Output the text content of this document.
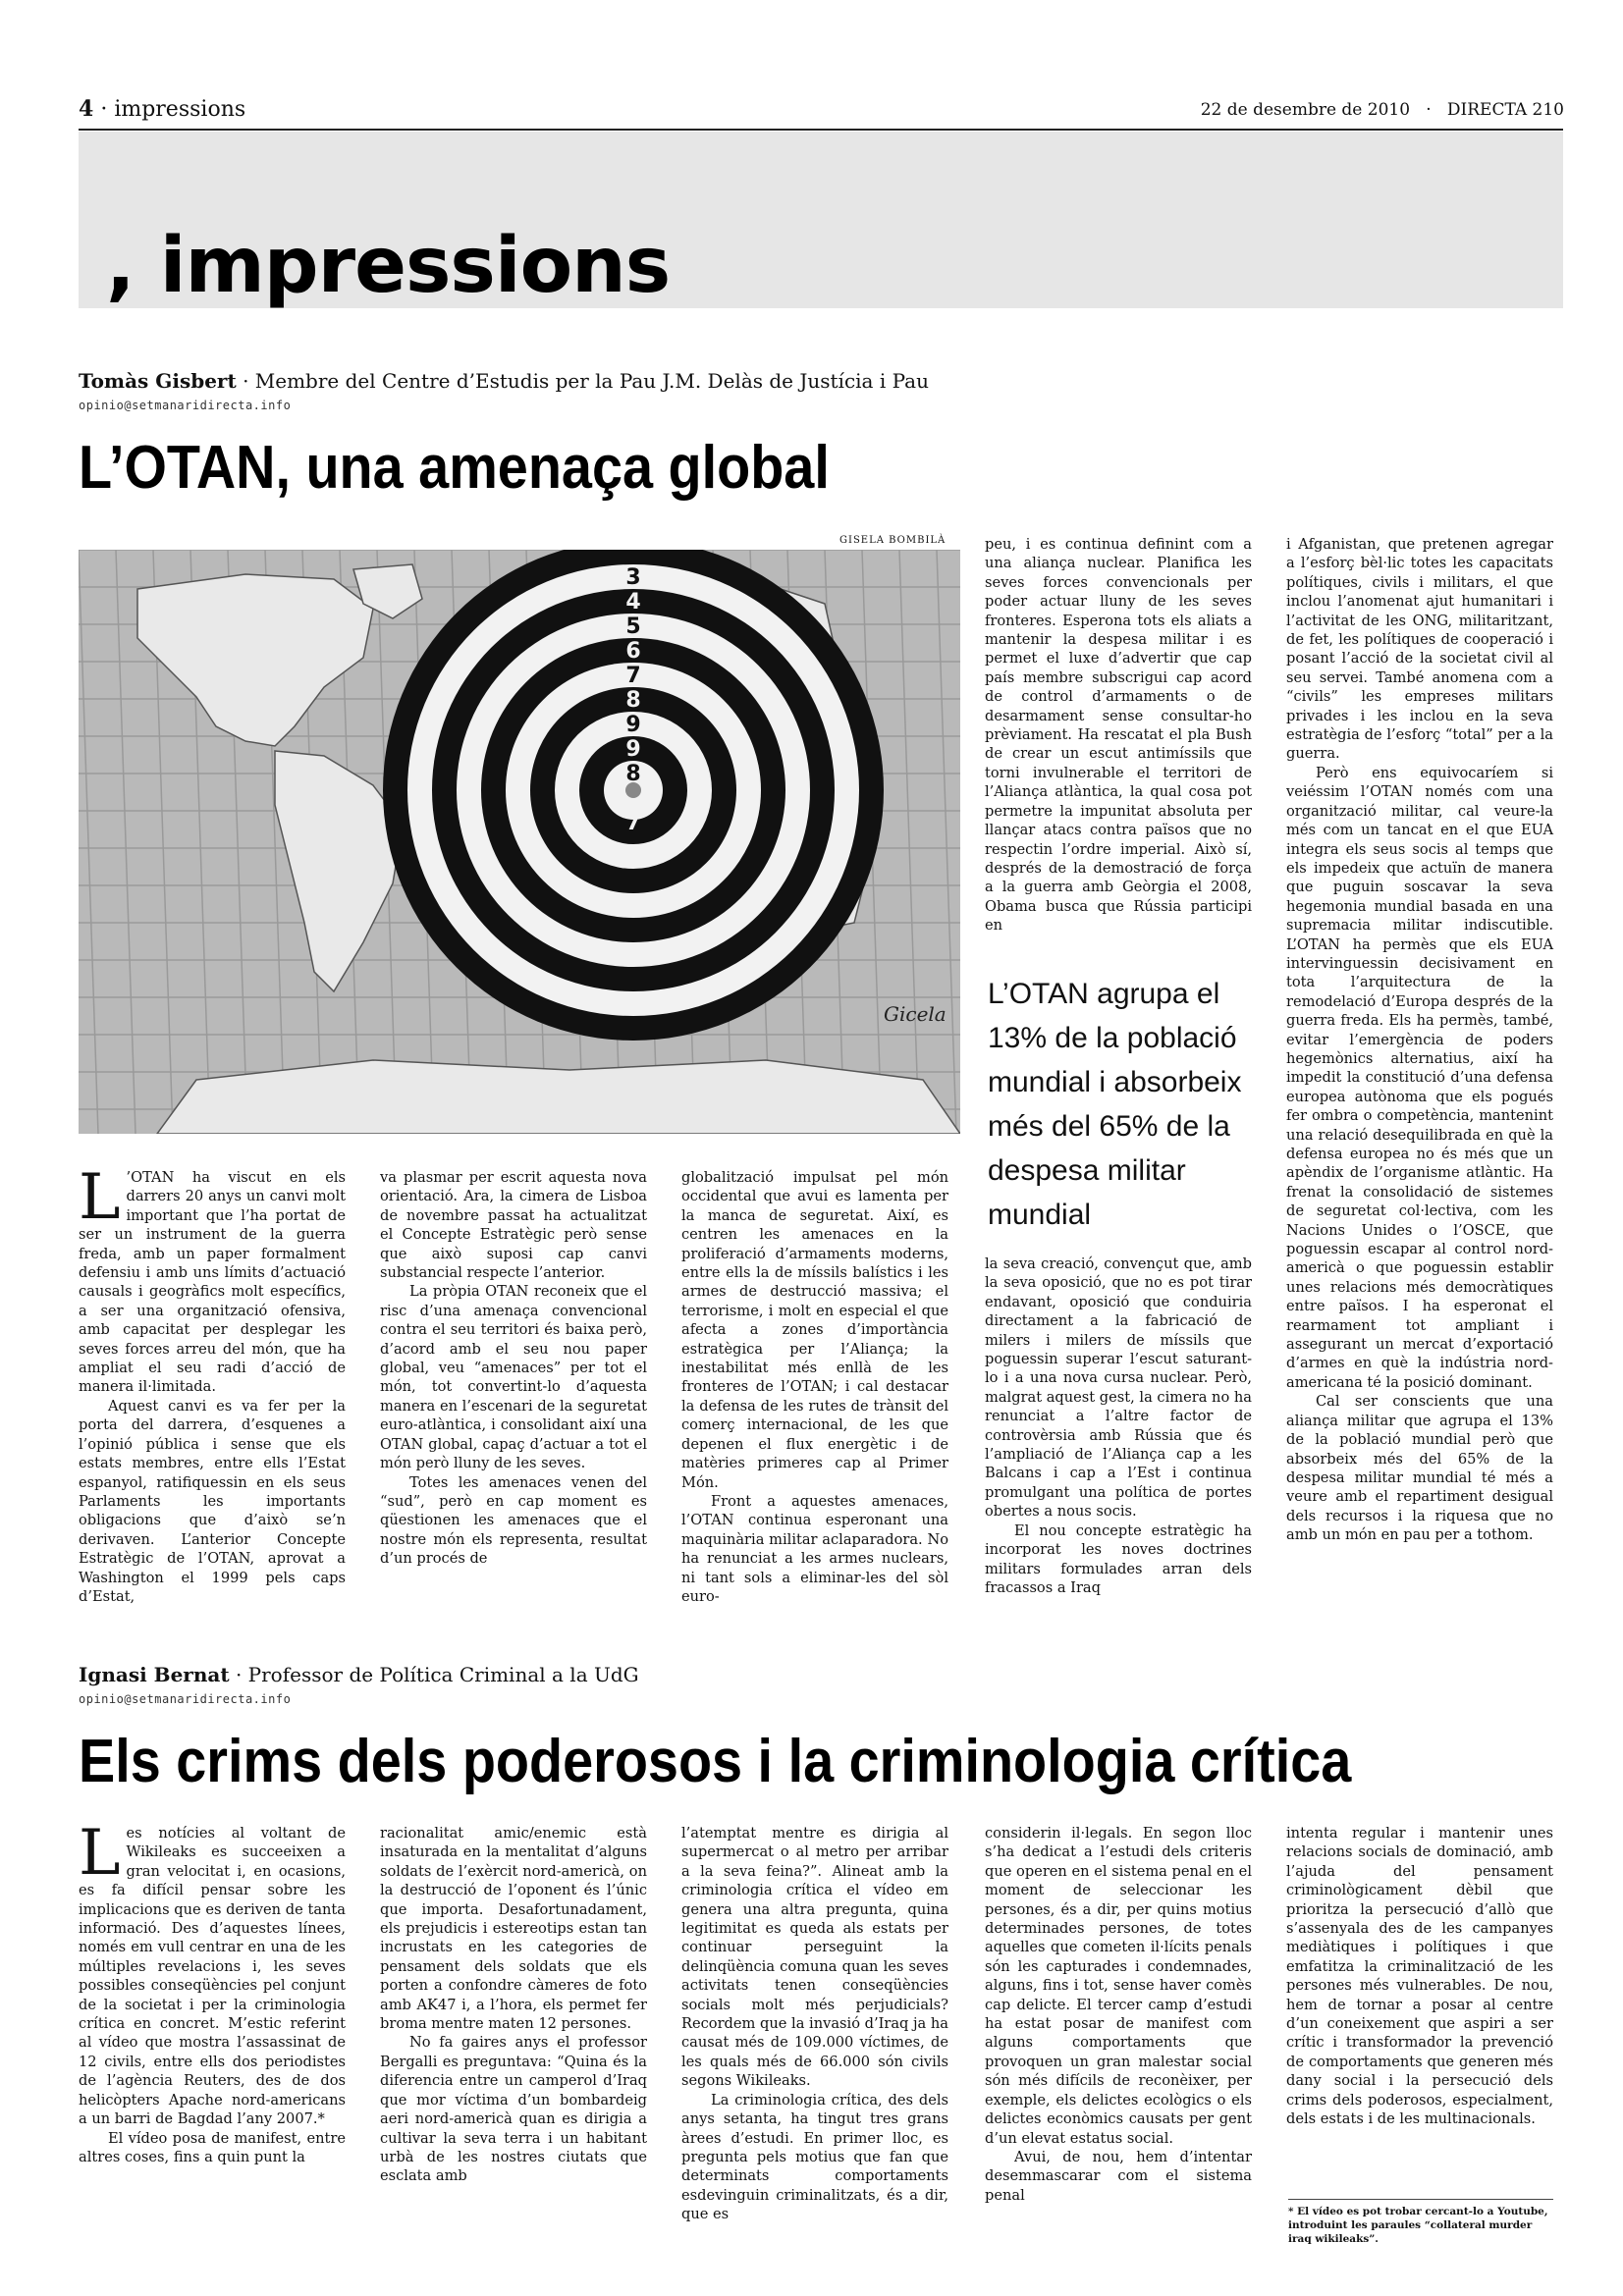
4 · impressions	22 de desembre de 2010 · DIRECTA 210
, impressions
Tomàs Gisbert · Membre del Centre d’Estudis per la Pau J.M. Delàs de Justícia i Pau
opinio@setmanaridirecta.info
L’OTAN, una amenaça global
GISELA BOMBILÀ
3
4
5
6
7
8
9
9
8
7
Gicela
L ’OTAN ha viscut en els darrers 20 anys un canvi molt important que l’ha portat de ser un instrument de la guerra freda, amb un paper formalment defensiu i amb uns límits d’actuació causals i geogràfics molt específics, a ser una organització ofensiva, amb capacitat per desplegar les seves forces arreu del món, que ha ampliat el seu radi d’acció de manera il·limitada.

Aquest canvi es va fer per la porta del darrera, d’esquenes a l’opinió pública i sense que els estats membres, entre ells l’Estat espanyol, ratifiquessin en els seus Parlaments les importants obligacions que d’això se’n derivaven. L’anterior Concepte Estratègic de l’OTAN, aprovat a Washington el 1999 pels caps d’Estat,

va plasmar per escrit aquesta nova orientació. Ara, la cimera de Lisboa de novembre passat ha actualitzat el Concepte Estratègic però sense que això suposi cap canvi substancial respecte l’anterior.

La pròpia OTAN reconeix que el risc d’una amenaça convencional contra el seu territori és baixa però, d’acord amb el seu nou paper global, veu “amenaces” per tot el món, tot convertint-lo d’aquesta manera en l’escenari de la seguretat euro-atlàntica, i consolidant així una OTAN global, capaç d’actuar a tot el món però lluny de les seves.

Totes les amenaces venen del “sud”, però en cap moment es qüestionen les amenaces que el nostre món els representa, resultat d’un procés de

globalització impulsat pel món occidental que avui es lamenta per la manca de seguretat. Així, es centren les amenaces en la proliferació d’armaments moderns, entre ells la de míssils balístics i les armes de destrucció massiva; el terrorisme, i molt en especial el que afecta a zones d’importància estratègica per l’Aliança; la inestabilitat més enllà de les fronteres de l’OTAN; i cal destacar la defensa de les rutes de trànsit del comerç internacional, de les que depenen el flux energètic i de matèries primeres cap al Primer Món.

Front a aquestes amenaces, l’OTAN continua esperonant una maquinària militar aclaparadora. No ha renunciat a les armes nuclears, ni tant sols a eliminar-les del sòl euro-

peu, i es continua definint com a una aliança nuclear. Planifica les seves forces convencionals per poder actuar lluny de les seves fronteres. Esperona tots els aliats a mantenir la despesa militar i es permet el luxe d’advertir que cap país membre subscrigui cap acord de control d’armaments o de desarmament sense consultar-ho prèviament. Ha rescatat el pla Bush de crear un escut antimíssils que torni invulnerable el territori de l’Aliança atlàntica, la qual cosa pot permetre la impunitat absoluta per llançar atacs contra països que no respectin l’ordre imperial. Això sí, després de la demostració de força a la guerra amb Geòrgia el 2008, Obama busca que Rússia participi en

L’OTAN agrupa el 13% de la població mundial i absorbeix més del 65% de la despesa militar mundial

la seva creació, convençut que, amb la seva oposició, que no es pot tirar endavant, oposició que conduiria directament a la fabricació de milers i milers de míssils que poguessin superar l’escut saturant-lo i a una nova cursa nuclear. Però, malgrat aquest gest, la cimera no ha renunciat a l’altre factor de controvèrsia amb Rússia que és l’ampliació de l’Aliança cap a les Balcans i cap a l’Est i continua promulgant una política de portes obertes a nous socis.

El nou concepte estratègic ha incorporat les noves doctrines militars formulades arran dels fracassos a Iraq

i Afganistan, que pretenen agregar a l’esforç bèl·lic totes les capacitats polítiques, civils i militars, el que inclou l’anomenat ajut humanitari i l’activitat de les ONG, militaritzant, de fet, les polítiques de cooperació i posant l’acció de la societat civil al seu servei. També anomena com a “civils” les empreses militars privades i les inclou en la seva estratègia de l’esforç “total” per a la guerra.

Però ens equivocaríem si veiéssim l’OTAN només com una organització militar, cal veure-la més com un tancat en el que EUA integra els seus socis al temps que els impedeix que actuïn de manera que puguin soscavar la seva hegemonia mundial basada en una supremacia militar indiscutible. L’OTAN ha permès que els EUA intervinguessin decisivament en tota l’arquitectura de la remodelació d’Europa després de la guerra freda. Els ha permès, també, evitar l’emergència de poders hegemònics alternatius, així ha impedit la constitució d’una defensa europea autònoma que els pogués fer ombra o competència, mantenint una relació desequilibrada en què la defensa europea no és més que un apèndix de l’organisme atlàntic. Ha frenat la consolidació de sistemes de seguretat col·lectiva, com les Nacions Unides o l’OSCE, que poguessin escapar al control nord-americà o que poguessin establir unes relacions més democràtiques entre països. I ha esperonat el rearmament tot ampliant i assegurant un mercat d’exportació d’armes en què la indústria nord-americana té la posició dominant.

Cal ser conscients que una aliança militar que agrupa el 13% de la població mundial però que absorbeix més del 65% de la despesa militar mundial té més a veure amb el repartiment desigual dels recursos i la riquesa que no amb un món en pau per a tothom.

Ignasi Bernat · Professor de Política Criminal a la UdG
opinio@setmanaridirecta.info
Els crims dels poderosos i la criminologia crítica
L es notícies al voltant de Wikileaks es succeeixen a gran velocitat i, en ocasions, es fa difícil pensar sobre les implicacions que es deriven de tanta informació. Des d’aquestes línees, només em vull centrar en una de les múltiples revelacions i, les seves possibles conseqüències pel conjunt de la societat i per la criminologia crítica en concret. M’estic referint al vídeo que mostra l’assassinat de 12 civils, entre ells dos periodistes de l’agència Reuters, des de dos helicòpters Apache nord-americans a un barri de Bagdad l’any 2007.*

El vídeo posa de manifest, entre altres coses, fins a quin punt la

racionalitat amic/enemic està insaturada en la mentalitat d’alguns soldats de l’exèrcit nord-americà, on la destrucció de l’oponent és l’únic que importa. Desafortunadament, els prejudicis i estereotips estan tan incrustats en les categories de pensament dels soldats que els porten a confondre càmeres de foto amb AK47 i, a l’hora, els permet fer broma mentre maten 12 persones.

No fa gaires anys el professor Bergalli es preguntava: “Quina és la diferencia entre un camperol d’Iraq que mor víctima d’un bombardeig aeri nord-americà quan es dirigia a cultivar la seva terra i un habitant urbà de les nostres ciutats que esclata amb

l’atemptat mentre es dirigia al supermercat o al metro per arribar a la seva feina?”. Alineat amb la criminologia crítica el vídeo em genera una altra pregunta, quina legitimitat es queda als estats per continuar perseguint la delinqüència comuna quan les seves activitats tenen conseqüències socials molt més perjudicials? Recordem que la invasió d’Iraq ja ha causat més de 109.000 víctimes, de les quals més de 66.000 són civils segons Wikileaks.

La criminologia crítica, des dels anys setanta, ha tingut tres grans àrees d’estudi. En primer lloc, es pregunta pels motius que fan que determinats comportaments esdevinguin criminalitzats, és a dir, que es

considerin il·legals. En segon lloc s’ha dedicat a l’estudi dels criteris que operen en el sistema penal en el moment de seleccionar les persones, és a dir, per quins motius determinades persones, de totes aquelles que cometen il·lícits penals són les capturades i condemnades, alguns, fins i tot, sense haver comès cap delicte. El tercer camp d’estudi ha estat posar de manifest com alguns comportaments que provoquen un gran malestar social són més difícils de reconèixer, per exemple, els delictes ecològics o els delictes econòmics causats per gent d’un elevat estatus social.

Avui, de nou, hem d’intentar desemmascarar com el sistema penal

intenta regular i mantenir unes relacions socials de dominació, amb l’ajuda del pensament criminològicament dèbil que prioritza la persecució d’allò que s’assenyala des de les campanyes mediàtiques i polítiques i que emfatitza la criminalització de les persones més vulnerables. De nou, hem de tornar a posar al centre d’un coneixement que aspiri a ser crític i transformador la prevenció de comportaments que generen més dany social i la persecució dels crims dels poderosos, especialment, dels estats i de les multinacionals.

* El vídeo es pot trobar cercant-lo a Youtube, introduint les paraules “collateral murder iraq wikileaks”.
